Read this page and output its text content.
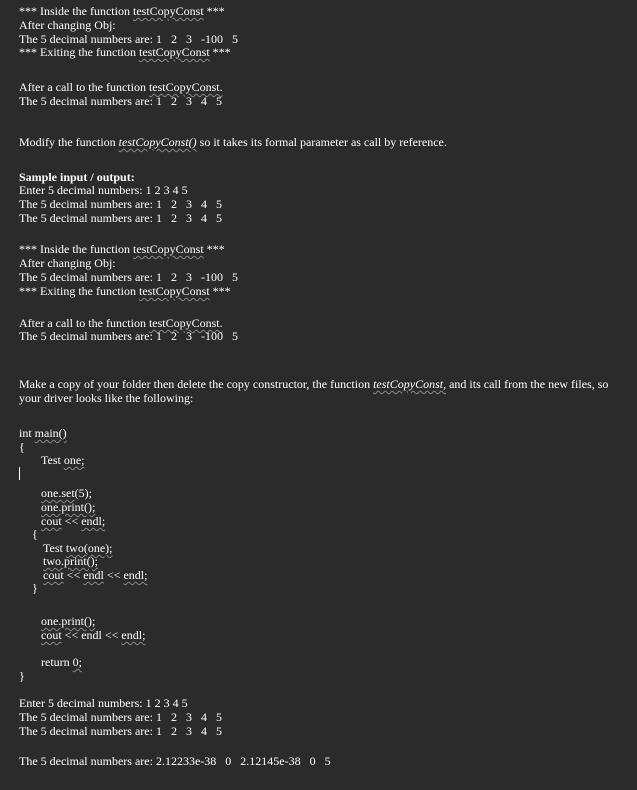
*** Inside the function testCopyConst ***
After changing Obj:
The 5 decimal numbers are: 1   2   3   -100   5
*** Exiting the function testCopyConst ***
After a call to the function testCopyConst.
The 5 decimal numbers are: 1   2   3   4   5
Modify the function testCopyConst() so it takes its formal parameter as call by reference.
Sample input / output:
Enter 5 decimal numbers: 1 2 3 4 5
The 5 decimal numbers are: 1   2   3   4   5
The 5 decimal numbers are: 1   2   3   4   5
*** Inside the function testCopyConst ***
After changing Obj:
The 5 decimal numbers are: 1   2   3   -100   5
*** Exiting the function testCopyConst ***
After a call to the function testCopyConst.
The 5 decimal numbers are: 1   2   3   -100   5
Make a copy of your folder then delete the copy constructor, the function testCopyConst, and its call from the new files, so your driver looks like the following:
int main()
{
Test one;
one.set(5);
one.print();
cout << endl;
{
Test two(one);
two.print();
cout << endl << endl;
}
one.print();
cout << endl << endl;
return 0;
}
Enter 5 decimal numbers: 1 2 3 4 5
The 5 decimal numbers are: 1   2   3   4   5
The 5 decimal numbers are: 1   2   3   4   5
The 5 decimal numbers are: 2.12233e-38   0   2.12145e-38   0   5
